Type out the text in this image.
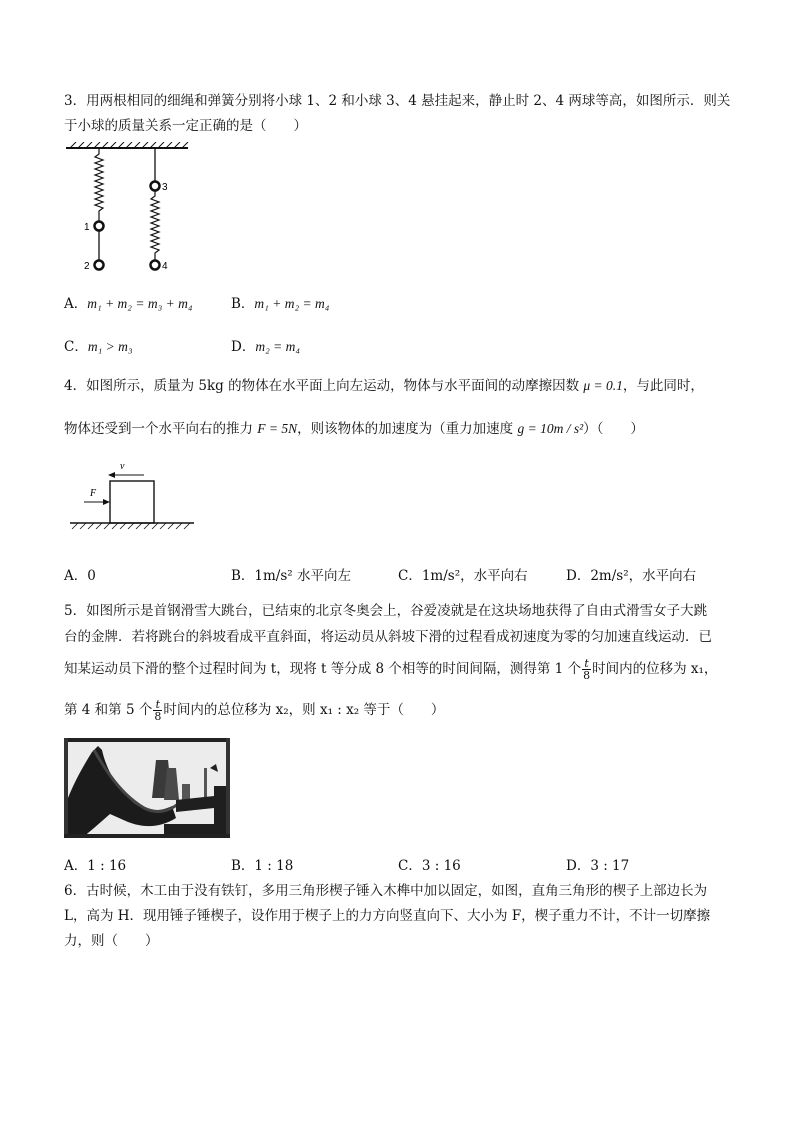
3．用两根相同的细绳和弹簧分别将小球 1、2 和小球 3、4 悬挂起来，静止时 2、4 两球等高，如图所示．则关
于小球的质量关系一定正确的是（　　）
1
2
3
4
A．m₁ + m₂ = m₃ + m₄	B．m₁ + m₂ = m₄
C．m₁ > m₃	D．m₂ = m₄
4．如图所示，质量为 5kg 的物体在水平面上向左运动，物体与水平面间的动摩擦因数 μ = 0.1，与此同时，
物体还受到一个水平向右的推力 F = 5N，则该物体的加速度为（重力加速度 g = 10m / s²）（　　）
v
F
A．0	B．1m/s² 水平向左	C．1m/s²，水平向右	D．2m/s²，水平向右
5．如图所示是首钢滑雪大跳台，已结束的北京冬奥会上，谷爱凌就是在这块场地获得了自由式滑雪女子大跳
台的金牌．若将跳台的斜坡看成平直斜面，将运动员从斜坡下滑的过程看成初速度为零的匀加速直线运动．已
知某运动员下滑的整个过程时间为 t，现将 t 等分成 8 个相等的时间间隔，测得第 1 个 $\frac{t}{8}$ 时间内的位移为 x₁，
第 4 和第 5 个 $\frac{t}{8}$ 时间内的总位移为 x₂，则 x₁ : x₂ 等于（　　）
A．1 : 16	B．1 : 18	C．3 : 16	D．3 : 17
6．古时候，木工由于没有铁钉，多用三角形楔子锤入木榫中加以固定，如图，直角三角形的楔子上部边长为
L，高为 H．现用锤子锤楔子，设作用于楔子上的力方向竖直向下、大小为 F，楔子重力不计，不计一切摩擦
力，则（　　）
